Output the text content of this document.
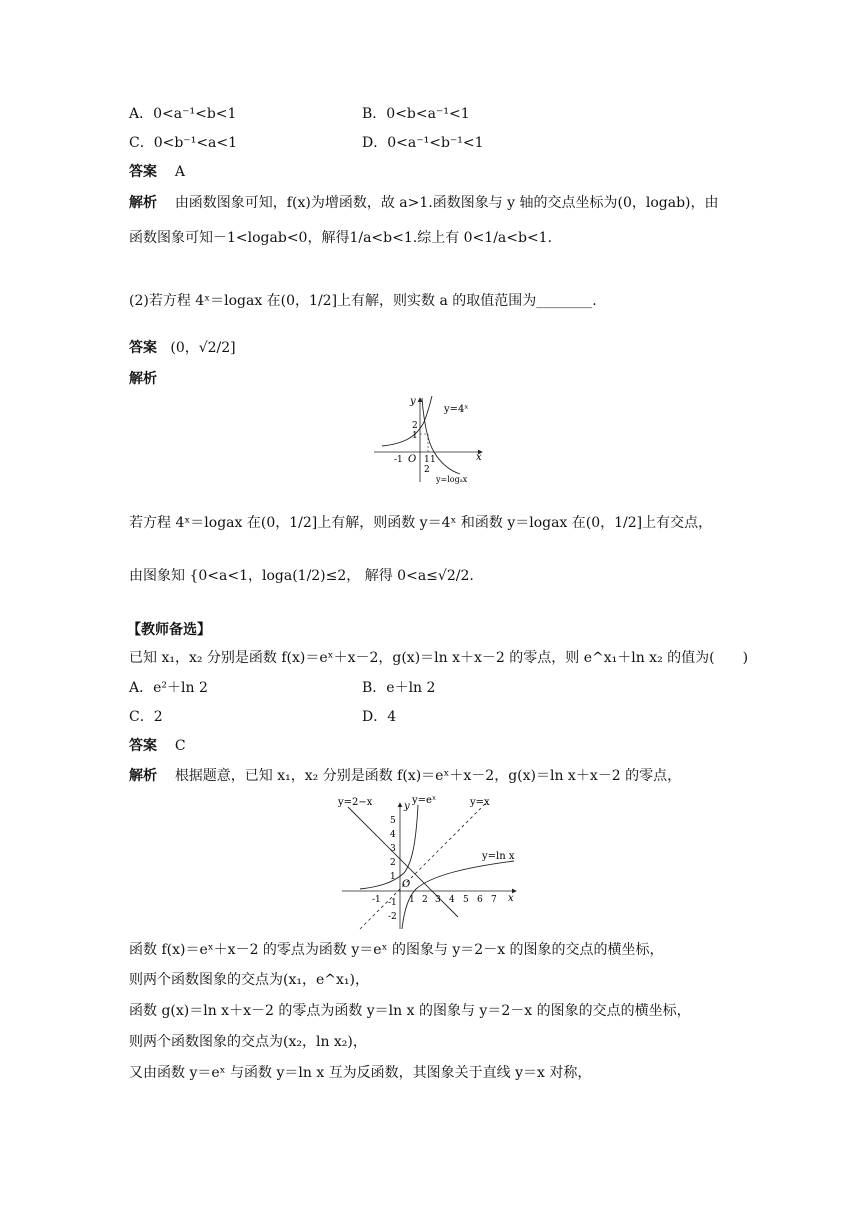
A．0<a⁻¹<b<1	B．0<b<a⁻¹<1
C．0<b⁻¹<a<1	D．0<a⁻¹<b⁻¹<1
答案 A
解析 由函数图象可知，f(x)为增函数，故 a>1.函数图象与 y 轴的交点坐标为(0，logab)，由
函数图象可知－1<logab<0，解得1/a<b<1.综上有 0<1/a<b<1.
(2)若方程 4ˣ＝logax 在(0，1/2]上有解，则实数 a 的取值范围为________.
答案 (0，√2/2]
解析
y
y=4ˣ
2
1
-1 O 1 1
2
x
y=logₐx
若方程 4ˣ＝logax 在(0，1/2]上有解，则函数 y＝4ˣ 和函数 y＝logax 在(0，1/2]上有交点，
由图象知 {0<a<1，loga(1/2)≤2， 解得 0<a≤√2/2.
【教师备选】
已知 x₁，x₂ 分别是函数 f(x)＝eˣ＋x－2，g(x)＝ln x＋x－2 的零点，则 e^x₁＋ln x₂ 的值为(　　)
A．e²＋ln 2	B．e＋ln 2
C．2	D．4
答案 C
解析 根据题意，已知 x₁，x₂ 分别是函数 f(x)＝eˣ＋x－2，g(x)＝ln x＋x－2 的零点，
y=2−x	y
y=eˣ	y=x
y=ln x
5
4
3
2
1
-1
-2
O
-1	1 2 3 4 5 6 7 x
函数 f(x)＝eˣ＋x－2 的零点为函数 y＝eˣ 的图象与 y＝2－x 的图象的交点的横坐标，
则两个函数图象的交点为(x₁，e^x₁)，
函数 g(x)＝ln x＋x－2 的零点为函数 y＝ln x 的图象与 y＝2－x 的图象的交点的横坐标，
则两个函数图象的交点为(x₂，ln x₂)，
又由函数 y＝eˣ 与函数 y＝ln x 互为反函数，其图象关于直线 y＝x 对称，
